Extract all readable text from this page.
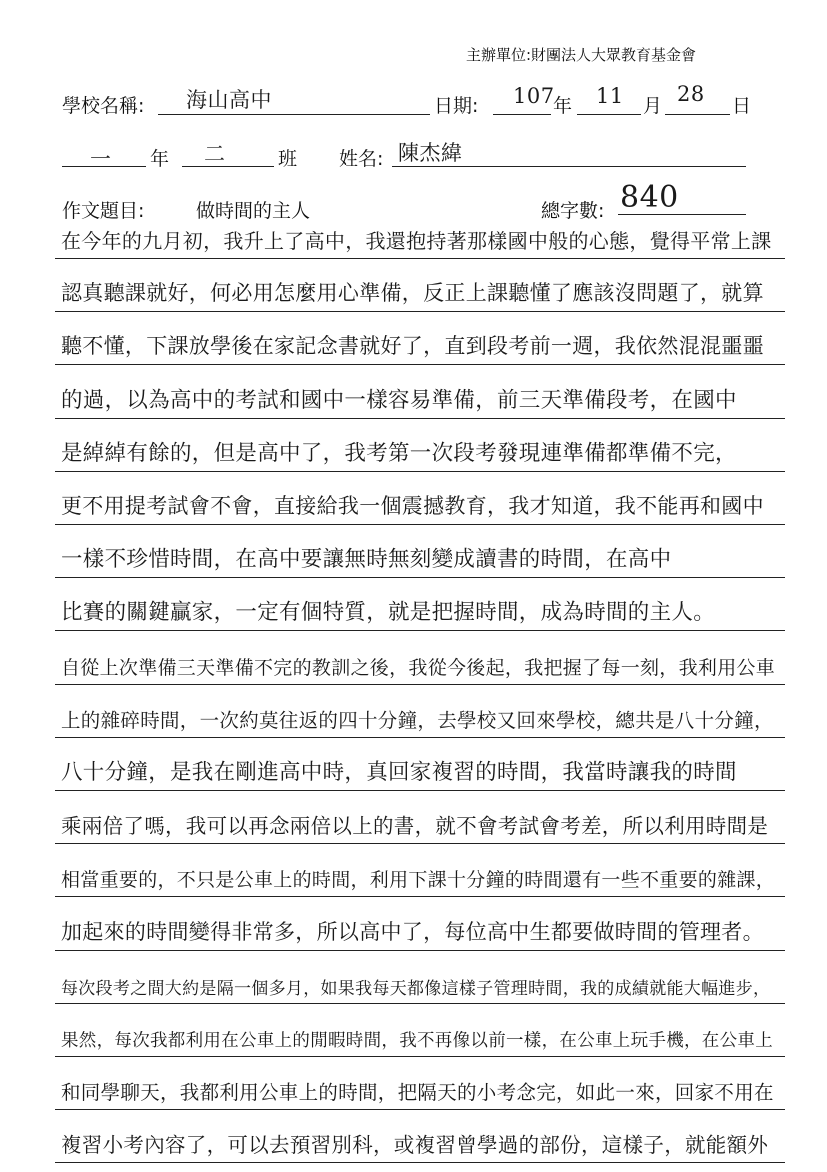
主辦單位:財團法人大眾教育基金會
學校名稱: 海山高中	日期: 107
年 11 月 28 日
一 年 二	班 姓名: 陳杰緯
作文題目:	做時間的主人	總字數: 840
在今年的九月初，我升上了高中，我還抱持著那樣國中般的心態，覺得平常上課
認真聽課就好，何必用怎麼用心準備，反正上課聽懂了應該沒問題了，就算
聽不懂，下課放學後在家記念書就好了，直到段考前一週，我依然混混噩噩
的過，以為高中的考試和國中一樣容易準備，前三天準備段考，在國中
是綽綽有餘的，但是高中了，我考第一次段考發現連準備都準備不完，
更不用提考試會不會，直接給我一個震撼教育，我才知道，我不能再和國中
一樣不珍惜時間，在高中要讓無時無刻變成讀書的時間，在高中
比賽的關鍵贏家，一定有個特質，就是把握時間，成為時間的主人。
自從上次準備三天準備不完的教訓之後，我從今後起，我把握了每一刻，我利用公車
上的雜碎時間，一次約莫往返的四十分鐘，去學校又回來學校，總共是八十分鐘，
八十分鐘，是我在剛進高中時，真回家複習的時間，我當時讓我的時間
乘兩倍了嗎，我可以再念兩倍以上的書，就不會考試會考差，所以利用時間是
相當重要的，不只是公車上的時間，利用下課十分鐘的時間還有一些不重要的雜課，
加起來的時間變得非常多，所以高中了，每位高中生都要做時間的管理者。
每次段考之間大約是隔一個多月，如果我每天都像這樣子管理時間，我的成績就能大幅進步，
果然，每次我都利用在公車上的閒暇時間，我不再像以前一樣，在公車上玩手機，在公車上
和同學聊天，我都利用公車上的時間，把隔天的小考念完，如此一來，回家不用在
複習小考內容了，可以去預習別科，或複習曾學過的部份，這樣子，就能額外
